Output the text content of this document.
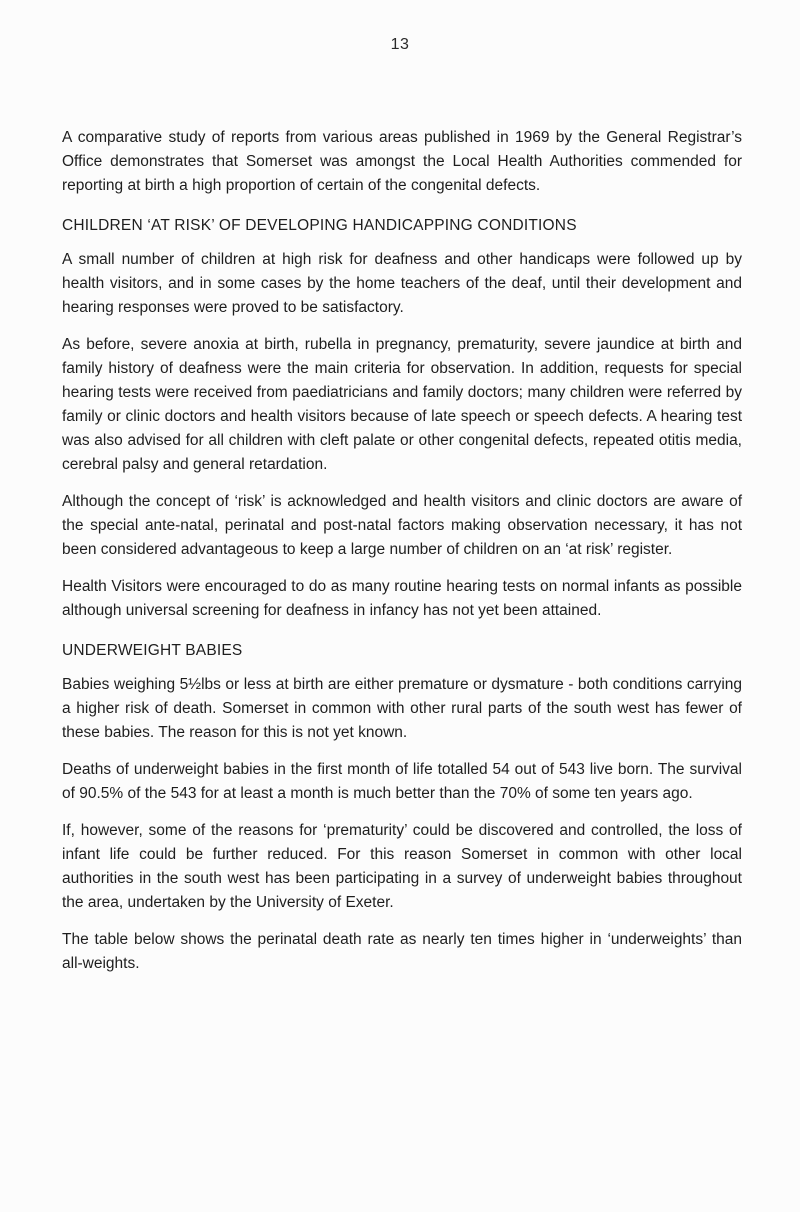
13

A comparative study of reports from various areas published in 1969 by the General Registrar’s Office demonstrates that Somerset was amongst the Local Health Authorities commended for reporting at birth a high proportion of certain of the congenital defects.

CHILDREN ‘AT RISK’ OF DEVELOPING HANDICAPPING CONDITIONS

A small number of children at high risk for deafness and other handicaps were followed up by health visitors, and in some cases by the home teachers of the deaf, until their development and hearing responses were proved to be satisfactory.

As before, severe anoxia at birth, rubella in pregnancy, prematurity, severe jaundice at birth and family history of deafness were the main criteria for observation. In addition, requests for special hearing tests were received from paediatricians and family doctors; many children were referred by family or clinic doctors and health visitors because of late speech or speech defects. A hearing test was also advised for all children with cleft palate or other congenital defects, repeated otitis media, cerebral palsy and general retardation.

Although the concept of ‘risk’ is acknowledged and health visitors and clinic doctors are aware of the special ante-natal, perinatal and post-natal factors making observation necessary, it has not been considered advantageous to keep a large number of children on an ‘at risk’ register.

Health Visitors were encouraged to do as many routine hearing tests on normal infants as possible although universal screening for deafness in infancy has not yet been attained.

UNDERWEIGHT BABIES

Babies weighing 5½lbs or less at birth are either premature or dysmature - both conditions carrying a higher risk of death. Somerset in common with other rural parts of the south west has fewer of these babies. The reason for this is not yet known.

Deaths of underweight babies in the first month of life totalled 54 out of 543 live born. The survival of 90.5% of the 543 for at least a month is much better than the 70% of some ten years ago.

If, however, some of the reasons for ‘prematurity’ could be discovered and controlled, the loss of infant life could be further reduced. For this reason Somerset in common with other local authorities in the south west has been participating in a survey of underweight babies throughout the area, undertaken by the University of Exeter.

The table below shows the perinatal death rate as nearly ten times higher in ‘underweights’ than all-weights.
